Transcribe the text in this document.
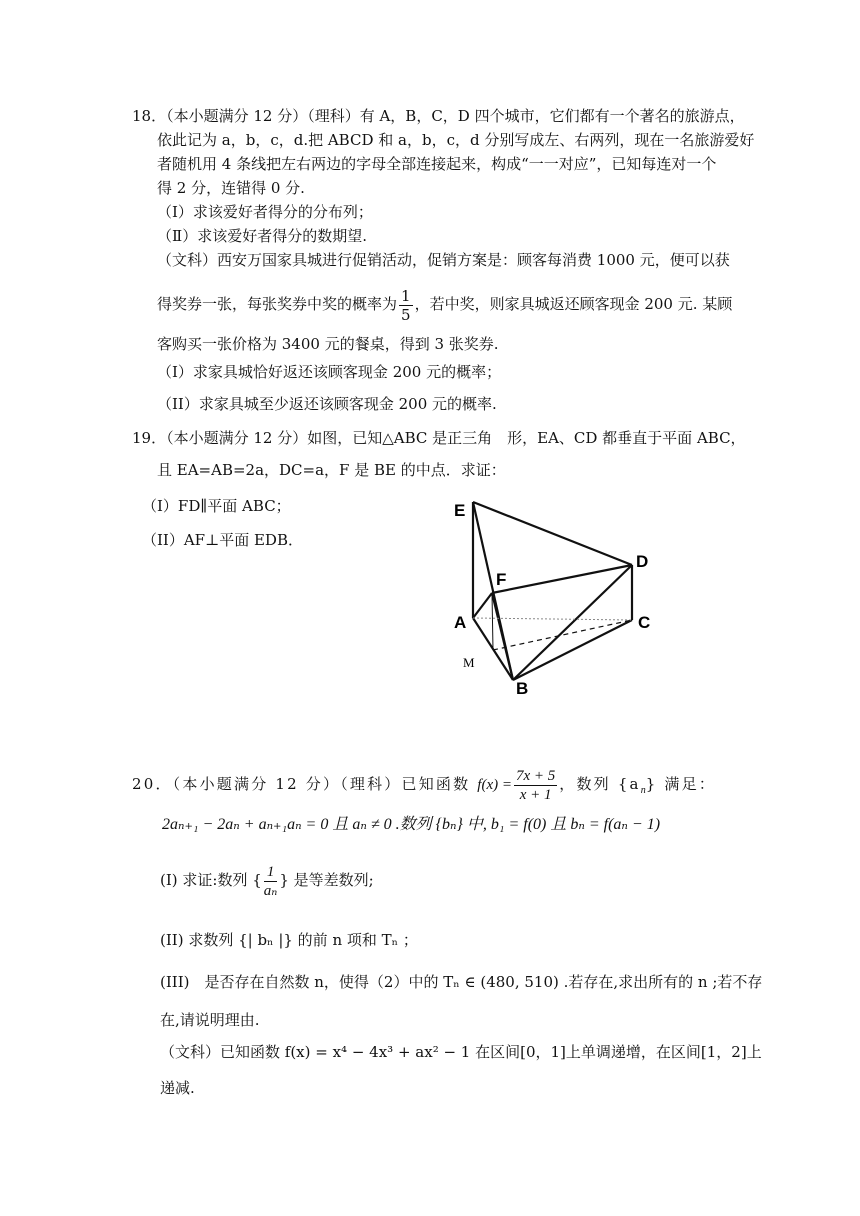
18．（本小题满分 12 分）（理科）有 A，B，C，D 四个城市，它们都有一个著名的旅游点，
依此记为 a，b，c，d.把 ABCD 和 a，b，c，d 分别写成左、右两列，现在一名旅游爱好
者随机用 4 条线把左右两边的字母全部连接起来，构成“一一对应”，已知每连对一个
得 2 分，连错得 0 分.
（Ⅰ）求该爱好者得分的分布列；
（Ⅱ）求该爱好者得分的数期望.
（文科）西安万国家具城进行促销活动，促销方案是：顾客每消费 1000 元，便可以获
得奖券一张，每张奖券中奖的概率为 $\frac{1}{5}$ ，若中奖，则家具城返还顾客现金 200 元. 某顾
客购买一张价格为 3400 元的餐桌，得到 3 张奖券.
（I）求家具城恰好返还该顾客现金 200 元的概率；
（II）求家具城至少返还该顾客现金 200 元的概率.
19．（本小题满分 12 分）如图，已知△ABC 是正三角　形，EA、CD 都垂直于平面 ABC，
且 EA=AB=2a，DC=a，F 是 BE 的中点．求证：
（I）FD∥平面 ABC；
（II）AF⊥平面 EDB．
E
D
F
A	C
M
B
20．（本小题满分 12 分）（理科）已知函数 $f(x) = \frac{7x + 5}{x + 1}$ ，数列 $\{a_n\}$ 满足：
2aₙ₊₁ − 2aₙ + aₙ₊₁aₙ = 0 且 aₙ ≠ 0 .数列 {bₙ} 中, b₁ = f(0) 且 bₙ = f(aₙ − 1)
(I) 求证:数列 { $\frac{1}{\text{aₙ}}$ } 是等差数列;
(II) 求数列 {| bₙ |} 的前 n 项和 Tₙ ；
(III)　是否存在自然数 n，使得（2）中的 Tₙ ∈ (480, 510) .若存在,求出所有的 n ;若不存
在,请说明理由.
（文科）已知函数 f(x) = x⁴ − 4x³ + ax² − 1 在区间[0，1]上单调递增，在区间[1，2]上
递减.
